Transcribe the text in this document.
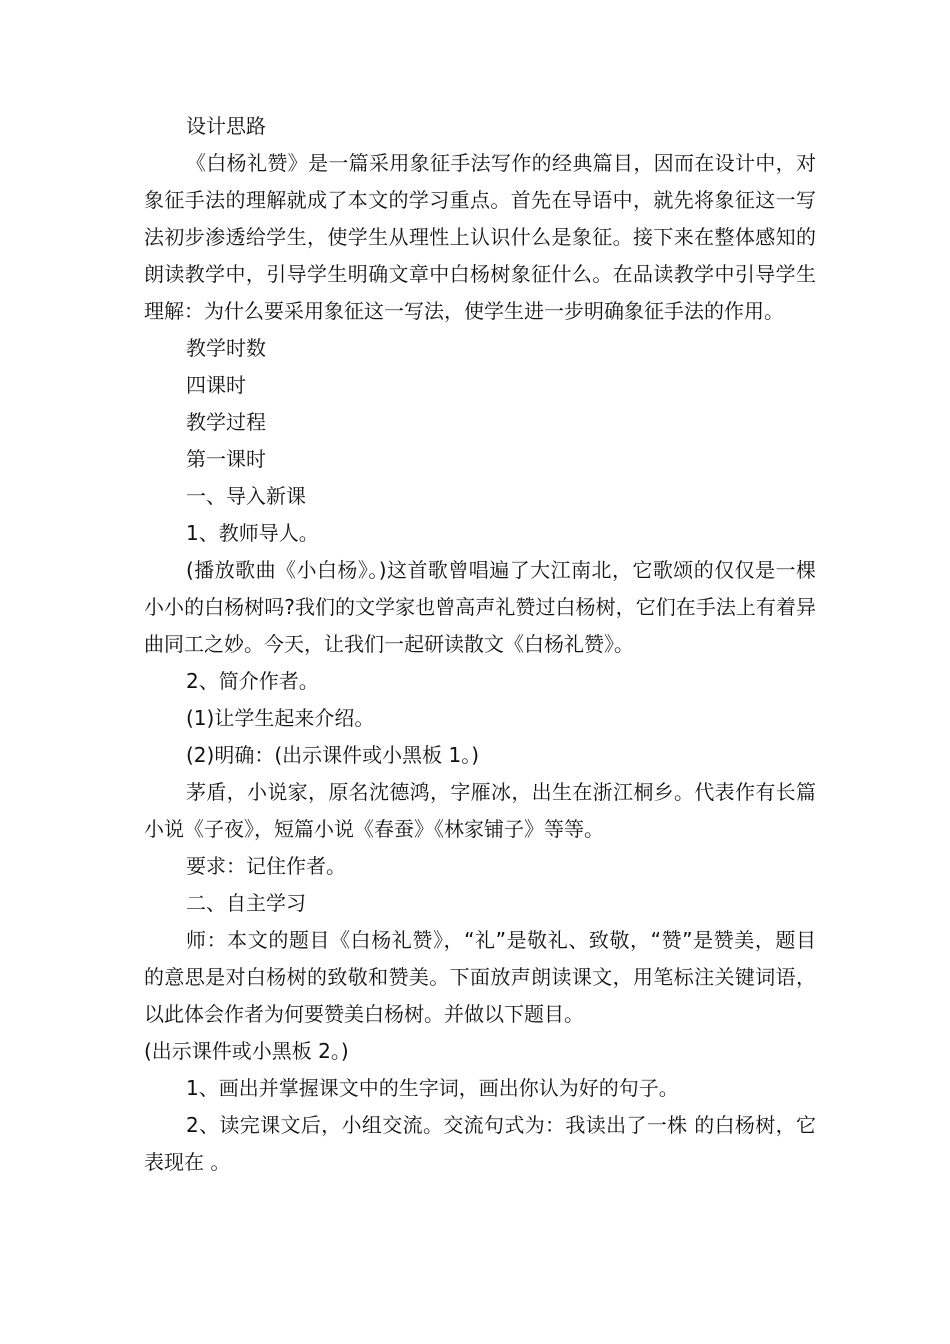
设计思路

《白杨礼赞》是一篇采用象征手法写作的经典篇目，因而在设计中，对象征手法的理解就成了本文的学习重点。首先在导语中，就先将象征这一写法初步渗透给学生，使学生从理性上认识什么是象征。接下来在整体感知的朗读教学中，引导学生明确文章中白杨树象征什么。在品读教学中引导学生理解：为什么要采用象征这一写法，使学生进一步明确象征手法的作用。

教学时数

四课时

教学过程

第一课时

一、导入新课

1、教师导人。

(播放歌曲《小白杨》。)这首歌曾唱遍了大江南北，它歌颂的仅仅是一棵小小的白杨树吗?我们的文学家也曾高声礼赞过白杨树，它们在手法上有着异曲同工之妙。今天，让我们一起研读散文《白杨礼赞》。

2、简介作者。

(1)让学生起来介绍。

(2)明确：(出示课件或小黑板 1。)

茅盾，小说家，原名沈德鸿，字雁冰，出生在浙江桐乡。代表作有长篇小说《子夜》，短篇小说《春蚕》《林家铺子》等等。

要求：记住作者。

二、自主学习

师：本文的题目《白杨礼赞》，“礼”是敬礼、致敬，“赞”是赞美，题目的意思是对白杨树的致敬和赞美。下面放声朗读课文，用笔标注关键词语，以此体会作者为何要赞美白杨树。并做以下题目。

(出示课件或小黑板 2。)

1、画出并掌握课文中的生字词，画出你认为好的句子。

2、读完课文后，小组交流。交流句式为：我读出了一株 的白杨树，它表现在 。
